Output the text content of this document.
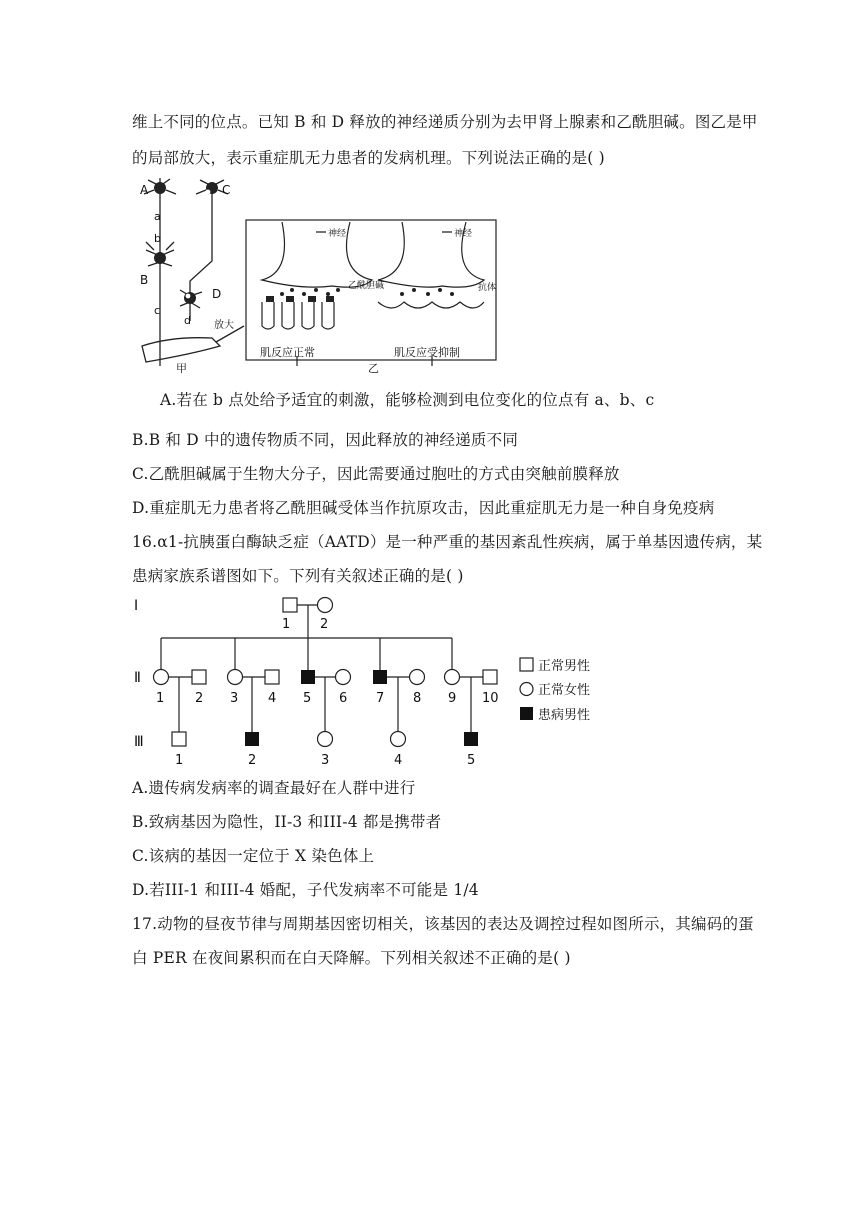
维上不同的位点。已知 B 和 D 释放的神经递质分别为去甲肾上腺素和乙酰胆碱。图乙是甲
的局部放大，表示重症肌无力患者的发病机理。下列说法正确的是( )
A	C
a
b
B
D
c
d 放大
甲
神经	神经
乙酰胆碱	抗体
肌反应正常	肌反应受抑制
乙
A.若在 b 点处给予适宜的刺激，能够检测到电位变化的位点有 a、b、c
B.B 和 D 中的遗传物质不同，因此释放的神经递质不同
C.乙酰胆碱属于生物大分子，因此需要通过胞吐的方式由突触前膜释放
D.重症肌无力患者将乙酰胆碱受体当作抗原攻击，因此重症肌无力是一种自身免疫病
16.α1-抗胰蛋白酶缺乏症（AATD）是一种严重的基因紊乱性疾病，属于单基因遗传病，某
患病家族系谱图如下。下列有关叙述正确的是( )
Ⅰ
Ⅱ
Ⅲ
1 2
1 2 3 4 5 6 7 8 9 10
1	2	3	4	5
正常男性
正常女性
患病男性
A.遗传病发病率的调查最好在人群中进行
B.致病基因为隐性，II-3 和III-4 都是携带者
C.该病的基因一定位于 X 染色体上
D.若III-1 和III-4 婚配，子代发病率不可能是 1/4
17.动物的昼夜节律与周期基因密切相关，该基因的表达及调控过程如图所示，其编码的蛋
白 PER 在夜间累积而在白天降解。下列相关叙述不正确的是( )
